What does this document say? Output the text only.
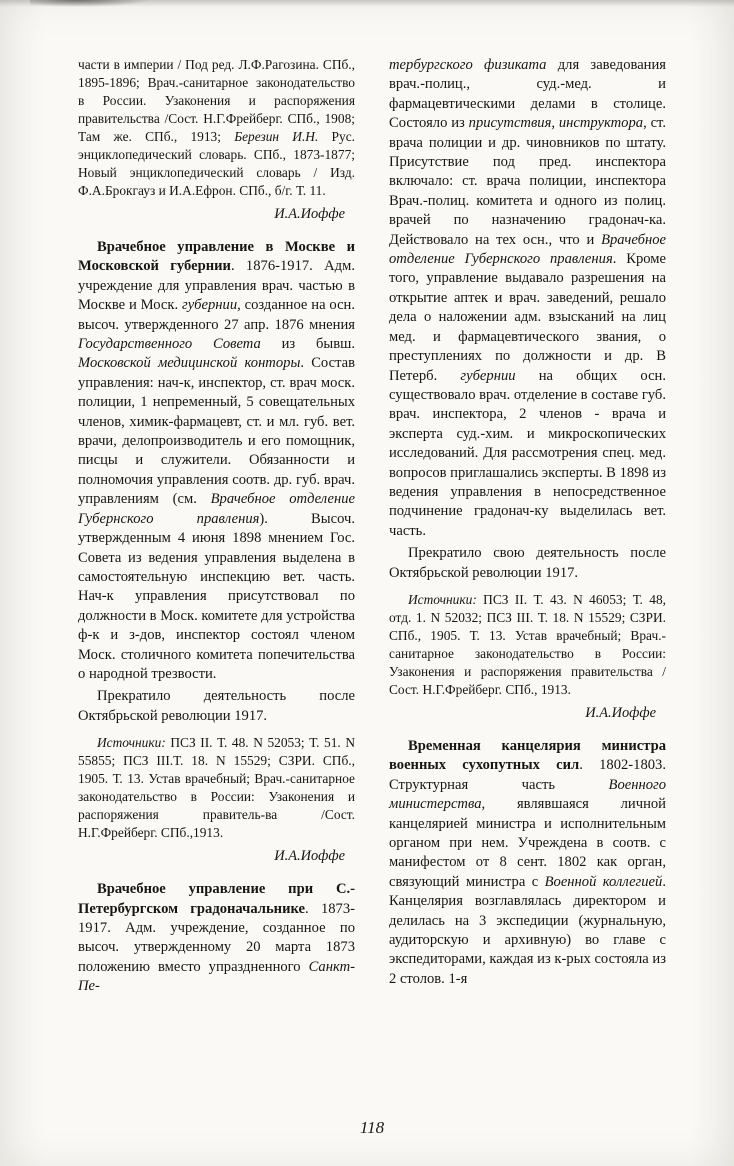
части в империи / Под ред. Л.Ф.Рагозина. СПб., 1895-1896; Врач.-санитарное законодательство в России. Узаконения и распоряжения правительства /Сост. Н.Г.Фрейберг. СПб., 1908; Там же. СПб., 1913; Березин И.Н. Рус. энциклопедический словарь. СПб., 1873-1877; Новый энциклопедический словарь / Изд. Ф.А.Брокгауз и И.А.Ефрон. СПб., б/г. Т. 11.

И.А.Иоффе

Врачебное управление в Москве и Московской губернии. 1876-1917. Адм. учреждение для управления врач. частью в Москве и Моск. губернии, созданное на осн. высоч. утвержденного 27 апр. 1876 мнения Государственного Совета из бывш. Московской медицинской конторы. Состав управления: нач-к, инспектор, ст. врач моск. полиции, 1 непременный, 5 совещательных членов, химик-фармацевт, ст. и мл. губ. вет. врачи, делопроизводитель и его помощник, писцы и служители. Обязанности и полномочия управления соотв. др. губ. врач. управлениям (см. Врачебное отделение Губернского правления). Высоч. утвержденным 4 июня 1898 мнением Гос. Совета из ведения управления выделена в самостоятельную инспекцию вет. часть. Нач-к управления присутствовал по должности в Моск. комитете для устройства ф-к и з-дов, инспектор состоял членом Моск. столичного комитета попечительства о народной трезвости.

Прекратило деятельность после Октябрьской революции 1917.

Источники: ПСЗ II. Т. 48. N 52053; Т. 51. N 55855; ПСЗ III.Т. 18. N 15529; СЗРИ. СПб., 1905. Т. 13. Устав врачебный; Врач.-санитарное законодательство в России: Узаконения и распоряжения правитель-ва /Сост. Н.Г.Фрейберг. СПб.,1913.

И.А.Иоффе

Врачебное управление при С.-Петербургском градоначальнике. 1873-1917. Адм. учреждение, созданное по высоч. утвержденному 20 марта 1873 положению вместо упраздненного Санкт-Пе-

тербургского физиката для заведования врач.-полиц., суд.-мед. и фармацевтическими делами в столице. Состояло из присутствия, инструктора, ст. врача полиции и др. чиновников по штату. Присутствие под пред. инспектора включало: ст. врача полиции, инспектора Врач.-полиц. комитета и одного из полиц. врачей по назначению градонач-ка. Действовало на тех осн., что и Врачебное отделение Губернского правления. Кроме того, управление выдавало разрешения на открытие аптек и врач. заведений, решало дела о наложении адм. взысканий на лиц мед. и фармацевтического звания, о преступлениях по должности и др. В Петерб. губернии на общих осн. существовало врач. отделение в составе губ. врач. инспектора, 2 членов - врача и эксперта суд.-хим. и микроскопических исследований. Для рассмотрения спец. мед. вопросов приглашались эксперты. В 1898 из ведения управления в непосредственное подчинение градонач-ку выделилась вет. часть.

Прекратило свою деятельность после Октябрьской революции 1917.

Источники: ПСЗ II. Т. 43. N 46053; Т. 48, отд. 1. N 52032; ПСЗ III. Т. 18. N 15529; СЗРИ. СПб., 1905. Т. 13. Устав врачебный; Врач.-санитарное законодательство в России: Узаконения и распоряжения правительства /Сост. Н.Г.Фрейберг. СПб., 1913.

И.А.Иоффе

Временная канцелярия министра военных сухопутных сил. 1802-1803. Структурная часть Военного министерства, являвшаяся личной канцелярией министра и исполнительным органом при нем. Учреждена в соотв. с манифестом от 8 сент. 1802 как орган, связующий министра с Военной коллегией. Канцелярия возглавлялась директором и делилась на 3 экспедиции (журнальную, аудиторскую и архивную) во главе с экспедиторами, каждая из к-рых состояла из 2 столов. 1-я

118
